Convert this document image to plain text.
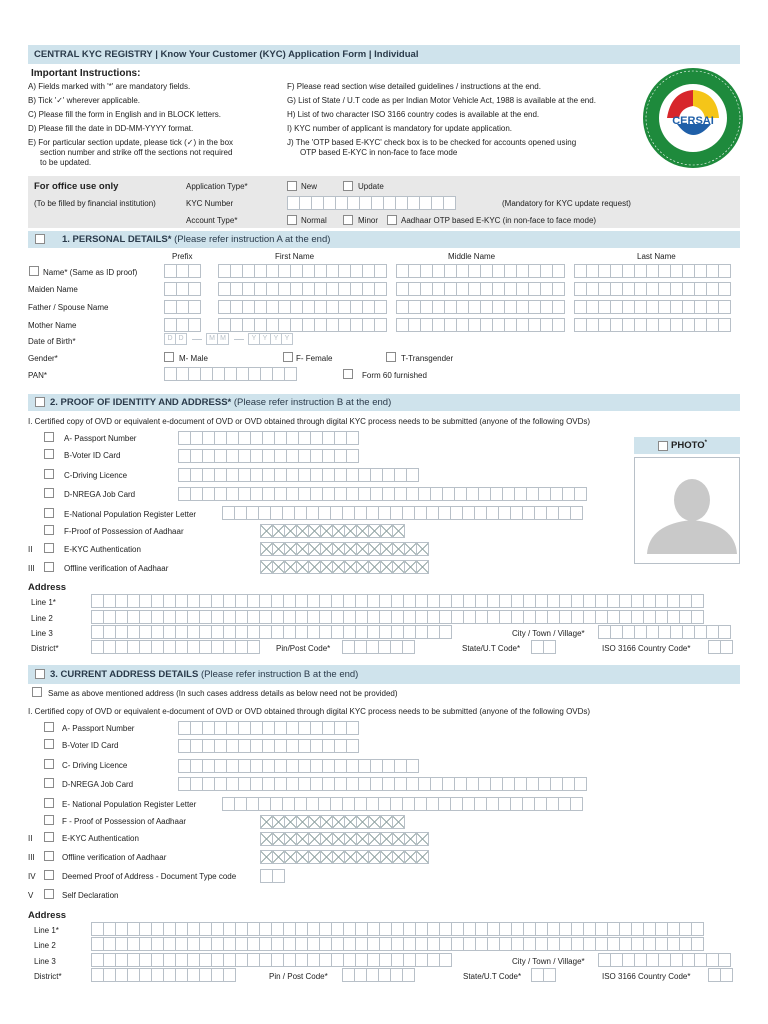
CENTRAL KYC REGISTRY | Know Your Customer (KYC) Application Form | Individual
Important Instructions:
A) Fields marked with '*' are mandatory fields.
B) Tick '✓' wherever applicable.
C) Please fill the form in English and in BLOCK letters.
D) Please fill the date in DD-MM-YYYY format.
E) For particular section update, please tick (✓) in the box
section number and strike off the sections not required
to be updated.
F) Please read section wise detailed guidelines / instructions at the end.
G) List of State / U.T code as per Indian Motor Vehicle Act, 1988 is available at the end.
H) List of two character ISO 3166 country codes is available at the end.
I) KYC number of applicant is mandatory for update application.
J) The 'OTP based E-KYC' check box is to be checked for accounts opened using
OTP based E-KYC in non-face to face mode
CERSAI
For office use only
(To be filled by financial institution)
Application Type*	New	Update
KYC Number	(Mandatory for KYC update request)
Account Type*	Normal	Minor	Aadhaar OTP based E-KYC (in non-face to face mode)
1. PERSONAL DETAILS* (Please refer instruction A at the end)
Prefix	First Name	Middle Name	Last Name
Name* (Same as ID proof)
Maiden Name
Father / Spouse Name
Mother Name
Date of Birth*	D D	M M	Y Y Y Y
Gender*	M- Male	F- Female	T-Transgender
PAN*	Form 60 furnished
2. PROOF OF IDENTITY AND ADDRESS* (Please refer instruction B at the end)
I. Certified copy of OVD or equivalent e-document of OVD or OVD obtained through digital KYC process needs to be submitted (anyone of the following OVDs)
A- Passport Number
B-Voter ID Card
C-Driving Licence
D-NREGA Job Card
E-National Population Register Letter
F-Proof of Possession of Aadhaar
II	E-KYC Authentication
III	Offline verification of Aadhaar
PHOTO*
Address
Line 1*
Line 2
Line 3
District*
City / Town / Village*
Pin/Post Code*	State/U.T Code*	ISO 3166 Country Code*
3. CURRENT ADDRESS DETAILS (Please refer instruction B at the end)
Same as above mentioned address (In such cases address details as below need not be provided)
I. Certified copy of OVD or equivalent e-document of OVD or OVD obtained through digital KYC process needs to be submitted (anyone of the following OVDs)
A- Passport Number
B-Voter ID Card
C- Driving Licence
D-NREGA Job Card
E- National Population Register Letter
F - Proof of Possession of Aadhaar
II	E-KYC Authentication
III	Offline verification of Aadhaar
IV	Deemed Proof of Address - Document Type code
V	Self Declaration
Address
Line 1*
Line 2
Line 3
District*
City / Town / Village*
Pin / Post Code*	State/U.T Code*	ISO 3166 Country Code*
